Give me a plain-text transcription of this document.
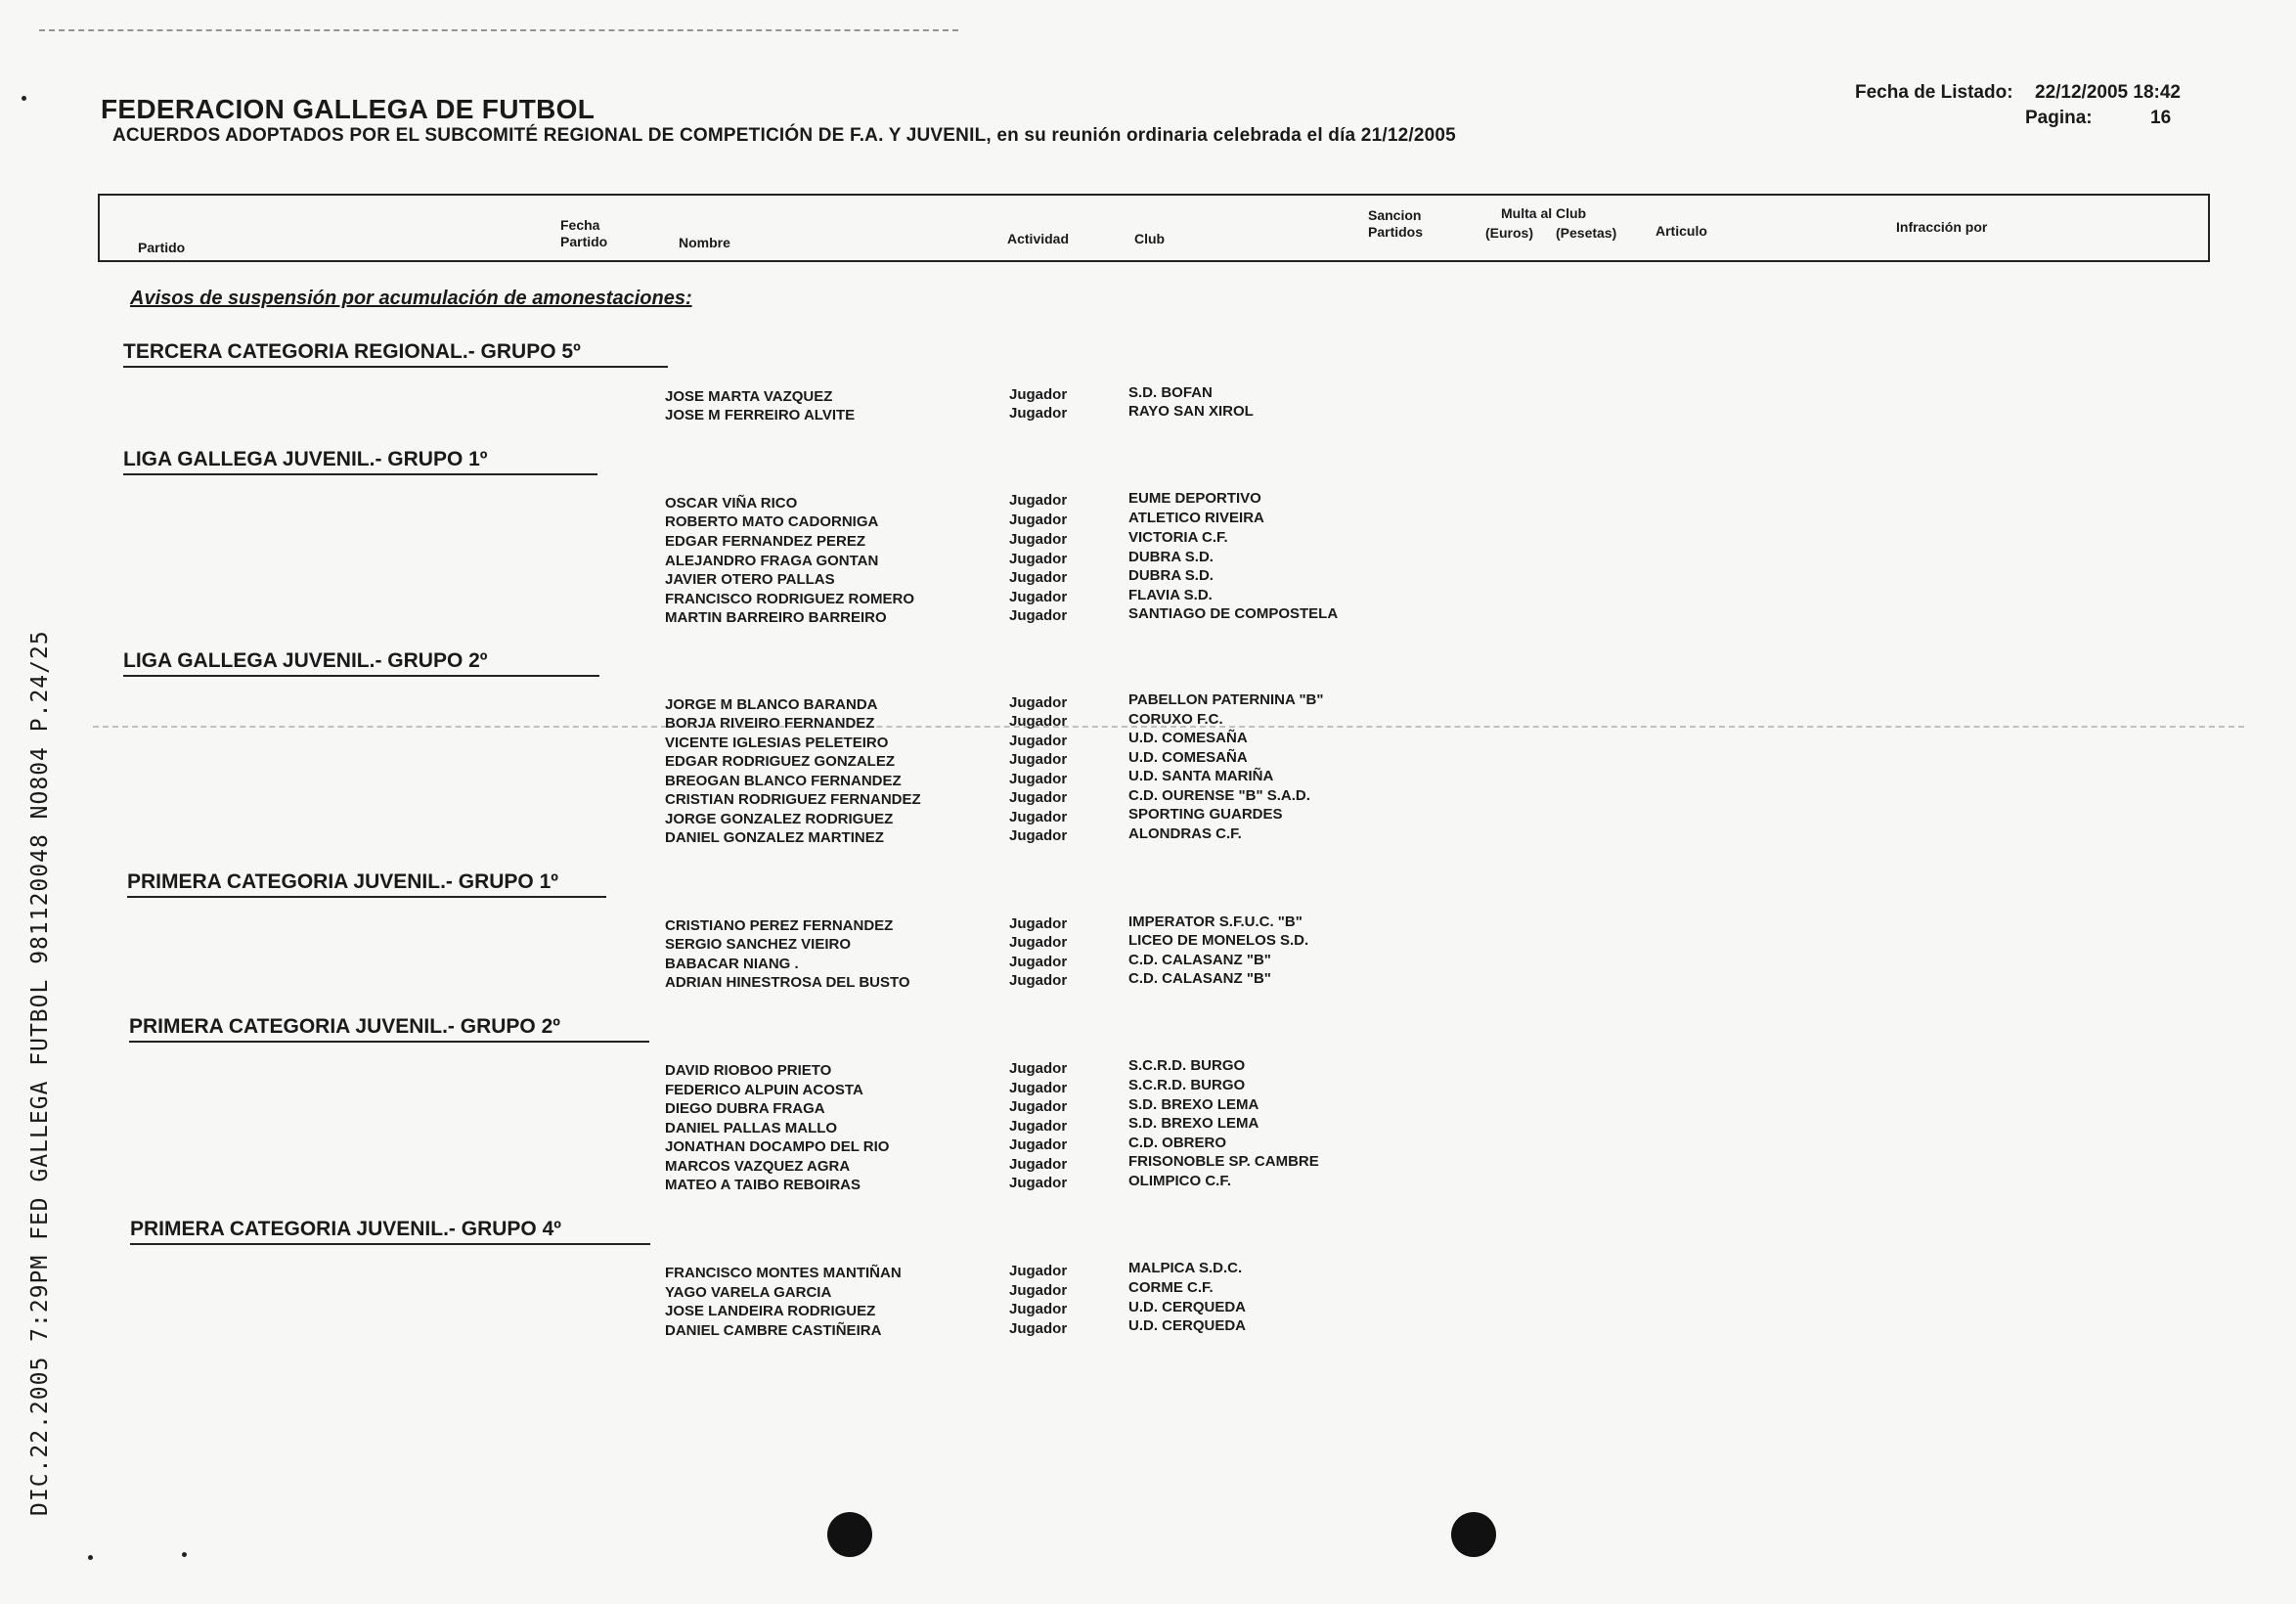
DIC.22.2005 7:29PM FED GALLEGA FUTBOL 981120048 NO804 P.24/25
FEDERACION GALLEGA DE FUTBOL
ACUERDOS ADOPTADOS POR EL SUBCOMITÉ REGIONAL DE COMPETICIÓN DE F.A. Y JUVENIL, en su reunión ordinaria celebrada el día 21/12/2005
Fecha de Listado: 22/12/2005 18:42
Pagina:	16
Partido
Fecha Partido	Nombre	Actividad	Club
Sancion Partidos
Multa al Club
(Euros) (Pesetas)	Articulo	Infracción por
Avisos de suspensión por acumulación de amonestaciones:
TERCERA CATEGORIA REGIONAL.- GRUPO 5º
LIGA GALLEGA JUVENIL.- GRUPO 1º
LIGA GALLEGA JUVENIL.- GRUPO 2º
PRIMERA CATEGORIA JUVENIL.- GRUPO 1º
PRIMERA CATEGORIA JUVENIL.- GRUPO 2º
PRIMERA CATEGORIA JUVENIL.- GRUPO 4º
JOSE MARTA VAZQUEZ	Jugador	S.D. BOFAN
JOSE M FERREIRO ALVITE	Jugador	RAYO SAN XIROL
OSCAR VIÑA RICO	Jugador	EUME DEPORTIVO
ROBERTO MATO CADORNIGA	Jugador	ATLETICO RIVEIRA
EDGAR FERNANDEZ PEREZ	Jugador	VICTORIA C.F.
ALEJANDRO FRAGA GONTAN	Jugador	DUBRA S.D.
JAVIER OTERO PALLAS	Jugador	DUBRA S.D.
FRANCISCO RODRIGUEZ ROMERO	Jugador	FLAVIA S.D.
MARTIN BARREIRO BARREIRO	Jugador	SANTIAGO DE COMPOSTELA
JORGE M BLANCO BARANDA	Jugador	PABELLON PATERNINA "B"
BORJA RIVEIRO FERNANDEZ	Jugador	CORUXO F.C.
VICENTE IGLESIAS PELETEIRO	Jugador	U.D. COMESAÑA
EDGAR RODRIGUEZ GONZALEZ	Jugador	U.D. COMESAÑA
BREOGAN BLANCO FERNANDEZ	Jugador	U.D. SANTA MARIÑA
CRISTIAN RODRIGUEZ FERNANDEZ	Jugador	C.D. OURENSE "B" S.A.D.
JORGE GONZALEZ RODRIGUEZ	Jugador	SPORTING GUARDES
DANIEL GONZALEZ MARTINEZ	Jugador	ALONDRAS C.F.
CRISTIANO PEREZ FERNANDEZ	Jugador	IMPERATOR S.F.U.C. "B"
SERGIO SANCHEZ VIEIRO	Jugador	LICEO DE MONELOS S.D.
BABACAR NIANG .	Jugador	C.D. CALASANZ "B"
ADRIAN HINESTROSA DEL BUSTO	Jugador	C.D. CALASANZ "B"
DAVID RIOBOO PRIETO	Jugador	S.C.R.D. BURGO
FEDERICO ALPUIN ACOSTA	Jugador	S.C.R.D. BURGO
DIEGO DUBRA FRAGA	Jugador	S.D. BREXO LEMA
DANIEL PALLAS MALLO	Jugador	S.D. BREXO LEMA
JONATHAN DOCAMPO DEL RIO	Jugador	C.D. OBRERO
MARCOS VAZQUEZ AGRA	Jugador	FRISONOBLE SP. CAMBRE
MATEO A TAIBO REBOIRAS	Jugador	OLIMPICO C.F.
FRANCISCO MONTES MANTIÑAN	Jugador	MALPICA S.D.C.
YAGO VARELA GARCIA	Jugador	CORME C.F.
JOSE LANDEIRA RODRIGUEZ	Jugador	U.D. CERQUEDA
DANIEL CAMBRE CASTIÑEIRA	Jugador	U.D. CERQUEDA
